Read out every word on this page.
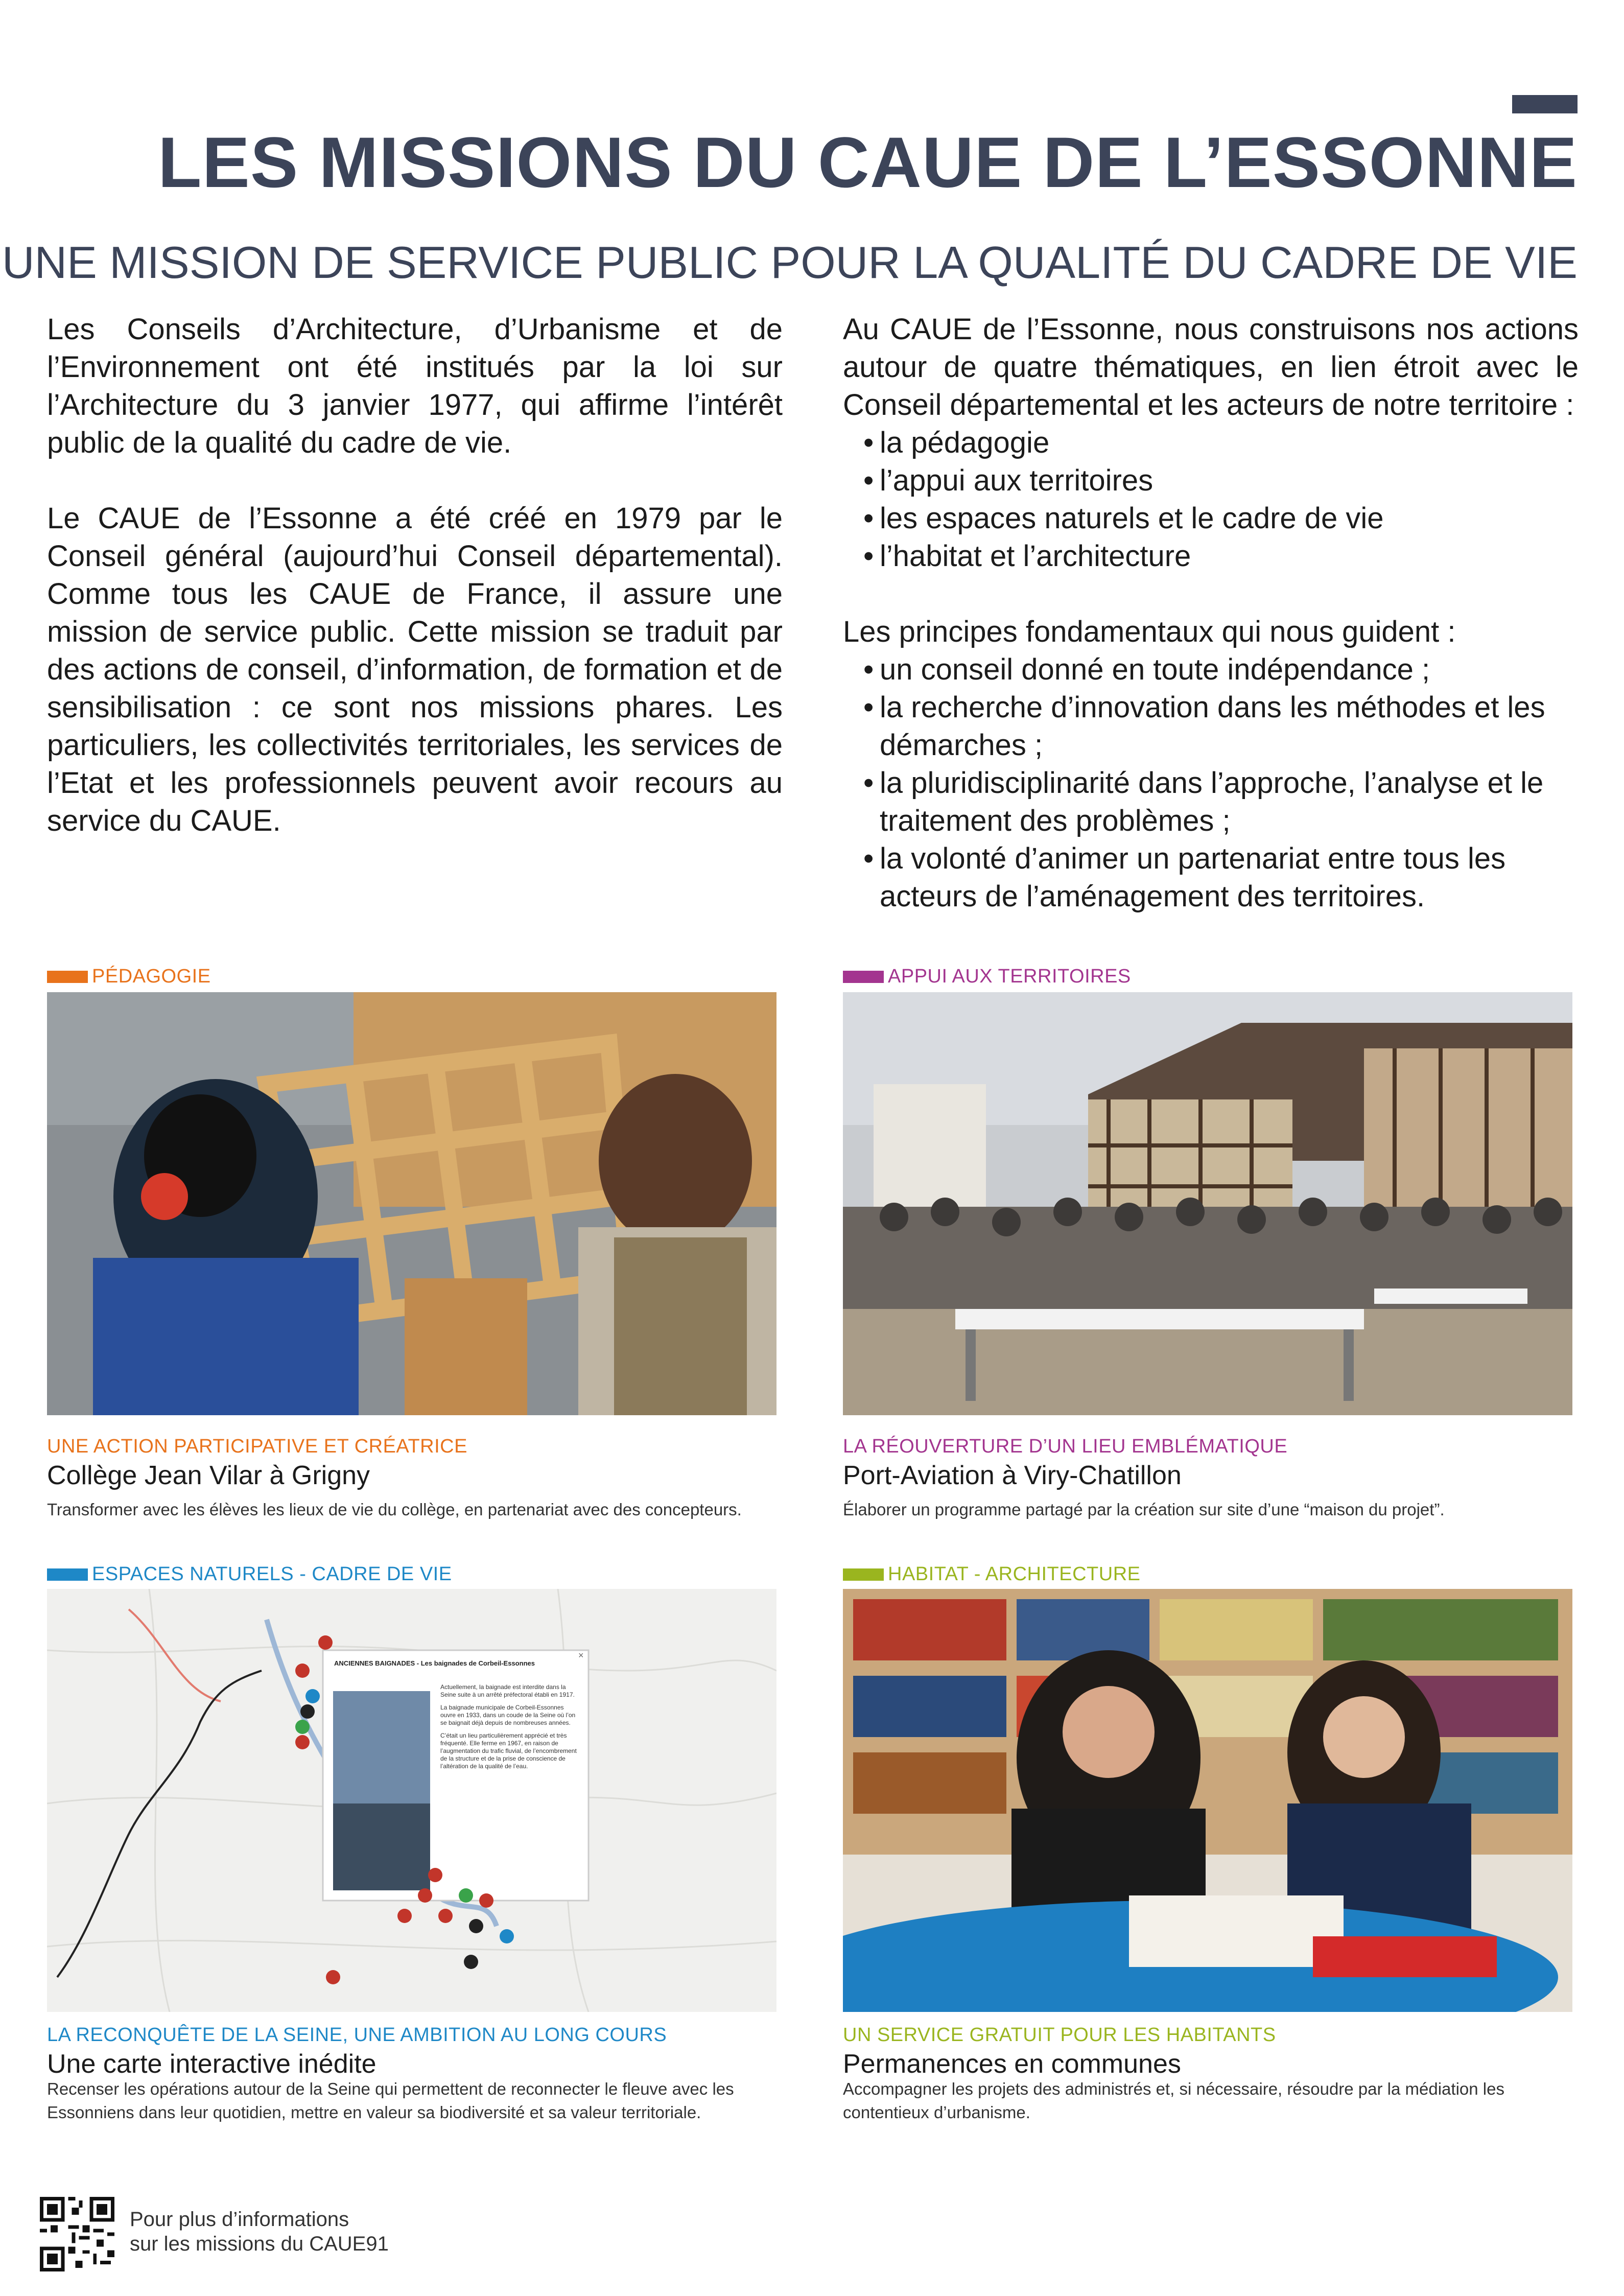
LES MISSIONS DU CAUE DE L’ESSONNE
UNE MISSION DE SERVICE PUBLIC POUR LA QUALITÉ DU CADRE DE VIE

Les Conseils d’Architecture, d’Urbanisme et de l’Environnement ont été institués par la loi sur l’Architecture du 3 janvier 1977, qui affirme l’intérêt public de la qualité du cadre de vie.

Le CAUE de l’Essonne a été créé en 1979 par le Conseil général (aujourd’hui Conseil départemental). Comme tous les CAUE de France, il assure une mission de service public. Cette mission se traduit par des actions de conseil, d’information, de formation et de sensibilisation : ce sont nos missions phares. Les particuliers, les collectivités territoriales, les services de l’Etat et les professionnels peuvent avoir recours au service du CAUE.

Au CAUE de l’Essonne, nous construisons nos actions autour de quatre thématiques, en lien étroit avec le Conseil départemental et les acteurs de notre territoire :

• la pédagogie
• l’appui aux territoires
• les espaces naturels et le cadre de vie
• l’habitat et l’architecture

Les principes fondamentaux qui nous guident :

• un conseil donné en toute indépendance ;
• la recherche d’innovation dans les méthodes et les démarches ;
• la pluridisciplinarité dans l’approche, l’analyse et le traitement des problèmes ;
• la volonté d’animer un partenariat entre tous les acteurs de l’aménagement des territoires.
PÉDAGOGIE
UNE ACTION PARTICIPATIVE ET CRÉATRICE
Collège Jean Vilar à Grigny
Transformer avec les élèves les lieux de vie du collège, en partenariat avec des concepteurs.
APPUI AUX TERRITOIRES
LA RÉOUVERTURE D’UN LIEU EMBLÉMATIQUE
Port-Aviation à Viry-Chatillon
Élaborer un programme partagé par la création sur site d’une “maison du projet”.
ESPACES NATURELS - CADRE DE VIE
ANCIENNES BAIGNADES - Les baignades de Corbeil-Essonnes
×
Actuellement, la baignade est interdite dans la Seine suite à un arrêté préfectoral établi en 1917.
La baignade municipale de Corbeil-Essonnes ouvre en 1933, dans un coude de la Seine où l’on se baignait déjà depuis de nombreuses années.
C’était un lieu particulièrement apprécié et très fréquenté. Elle ferme en 1967, en raison de l’augmentation du trafic fluvial, de l’encombrement de la structure et de la prise de conscience de l’altération de la qualité de l’eau.
LA RECONQUÊTE DE LA SEINE, UNE AMBITION AU LONG COURS
Une carte interactive inédite
Recenser les opérations autour de la Seine qui permettent de reconnecter le fleuve avec les Essonniens dans leur quotidien, mettre en valeur sa biodiversité et sa valeur territoriale.
HABITAT - ARCHITECTURE
UN SERVICE GRATUIT POUR LES HABITANTS
Permanences en communes
Accompagner les projets des administrés et, si nécessaire, résoudre par la médiation les contentieux d’urbanisme.
Pour plus d’informations
sur les missions du CAUE91
